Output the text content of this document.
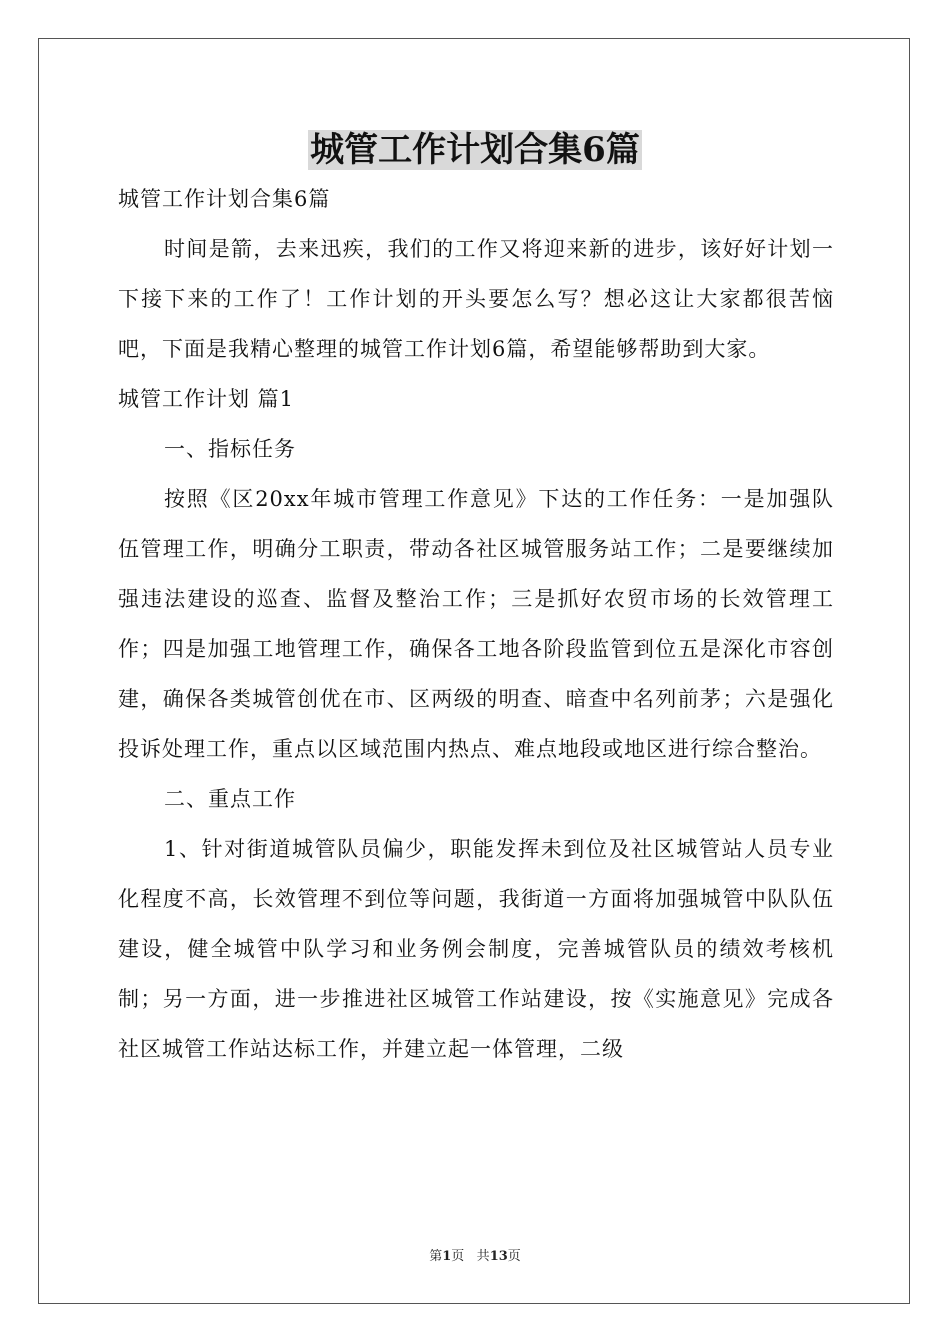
城管工作计划合集6篇

城管工作计划合集6篇

时间是箭，去来迅疾，我们的工作又将迎来新的进步，该好好计划一下接下来的工作了！工作计划的开头要怎么写？想必这让大家都很苦恼吧，下面是我精心整理的城管工作计划6篇，希望能够帮助到大家。

城管工作计划 篇1

一、指标任务

按照《区20xx年城市管理工作意见》下达的工作任务：一是加强队伍管理工作，明确分工职责，带动各社区城管服务站工作；二是要继续加强违法建设的巡查、监督及整治工作；三是抓好农贸市场的长效管理工作；四是加强工地管理工作，确保各工地各阶段监管到位五是深化市容创建，确保各类城管创优在市、区两级的明查、暗查中名列前茅；六是强化投诉处理工作，重点以区域范围内热点、难点地段或地区进行综合整治。

二、重点工作

1、针对街道城管队员偏少，职能发挥未到位及社区城管站人员专业化程度不高，长效管理不到位等问题，我街道一方面将加强城管中队队伍建设，健全城管中队学习和业务例会制度，完善城管队员的绩效考核机制；另一方面，进一步推进社区城管工作站建设，按《实施意见》完成各社区城管工作站达标工作，并建立起一体管理，二级

第1页 共13页
